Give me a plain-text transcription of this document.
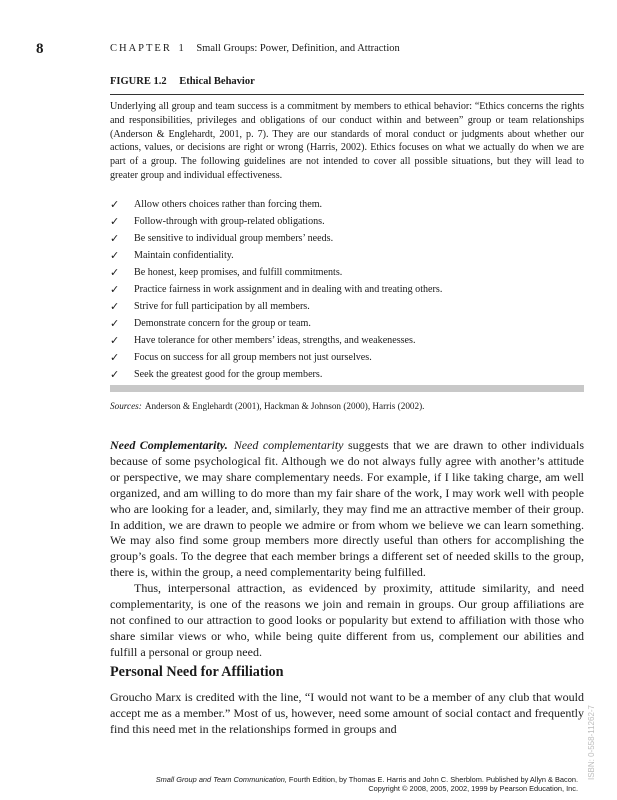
8	CHAPTER 1 Small Groups: Power, Definition, and Attraction
FIGURE 1.2 Ethical Behavior
Underlying all group and team success is a commitment by members to ethical behavior: “Ethics concerns the rights and responsibilities, privileges and obligations of our conduct within and between” group or team relationships (Anderson & Englehardt, 2001, p. 7). They are our standards of moral conduct or judgments about whether our actions, values, or decisions are right or wrong (Harris, 2002). Ethics focuses on what we actually do when we are part of a group. The following guidelines are not intended to cover all possible situations, but they will lead to greater group and individual effectiveness.
✓	Allow others choices rather than forcing them.
✓	Follow-through with group-related obligations.
✓	Be sensitive to individual group members’ needs.
✓	Maintain confidentiality.
✓	Be honest, keep promises, and fulfill commitments.
✓	Practice fairness in work assignment and in dealing with and treating others.
✓	Strive for full participation by all members.
✓	Demonstrate concern for the group or team.
✓	Have tolerance for other members’ ideas, strengths, and weakenesses.
✓	Focus on success for all group members not just ourselves.
✓	Seek the greatest good for the group members.
Sources: Anderson & Englehardt (2001), Hackman & Johnson (2000), Harris (2002).
Need Complementarity. Need complementarity suggests that we are drawn to other individuals because of some psychological fit. Although we do not always fully agree with another’s attitude or perspective, we may share complementary needs. For example, if I like taking charge, am well organized, and am willing to do more than my fair share of the work, I may work well with people who are looking for a leader, and, similarly, they may find me an attractive member of their group. In addition, we are drawn to people we admire or from whom we believe we can learn something. We may also find some group members more directly useful than others for accomplishing the group’s goals. To the degree that each member brings a different set of needed skills to the group, there is, within the group, a need complementarity being fulfilled.
Thus, interpersonal attraction, as evidenced by proximity, attitude similarity, and need complementarity, is one of the reasons we join and remain in groups. Our group affiliations are not confined to our attraction to good looks or popularity but extend to affiliation with those who share similar views or who, while being quite different from us, complement our abilities and fulfill a personal or group need.
Personal Need for Affiliation
Groucho Marx is credited with the line, “I would not want to be a member of any club that would accept me as a member.” Most of us, however, need some amount of social contact and frequently find this need met in the relationships formed in groups and	ISBN: 0-558-11262-7
Small Group and Team Communication, Fourth Edition, by Thomas E. Harris and John C. Sherblom. Published by Allyn & Bacon.
Copyright © 2008, 2005, 2002, 1999 by Pearson Education, Inc.
